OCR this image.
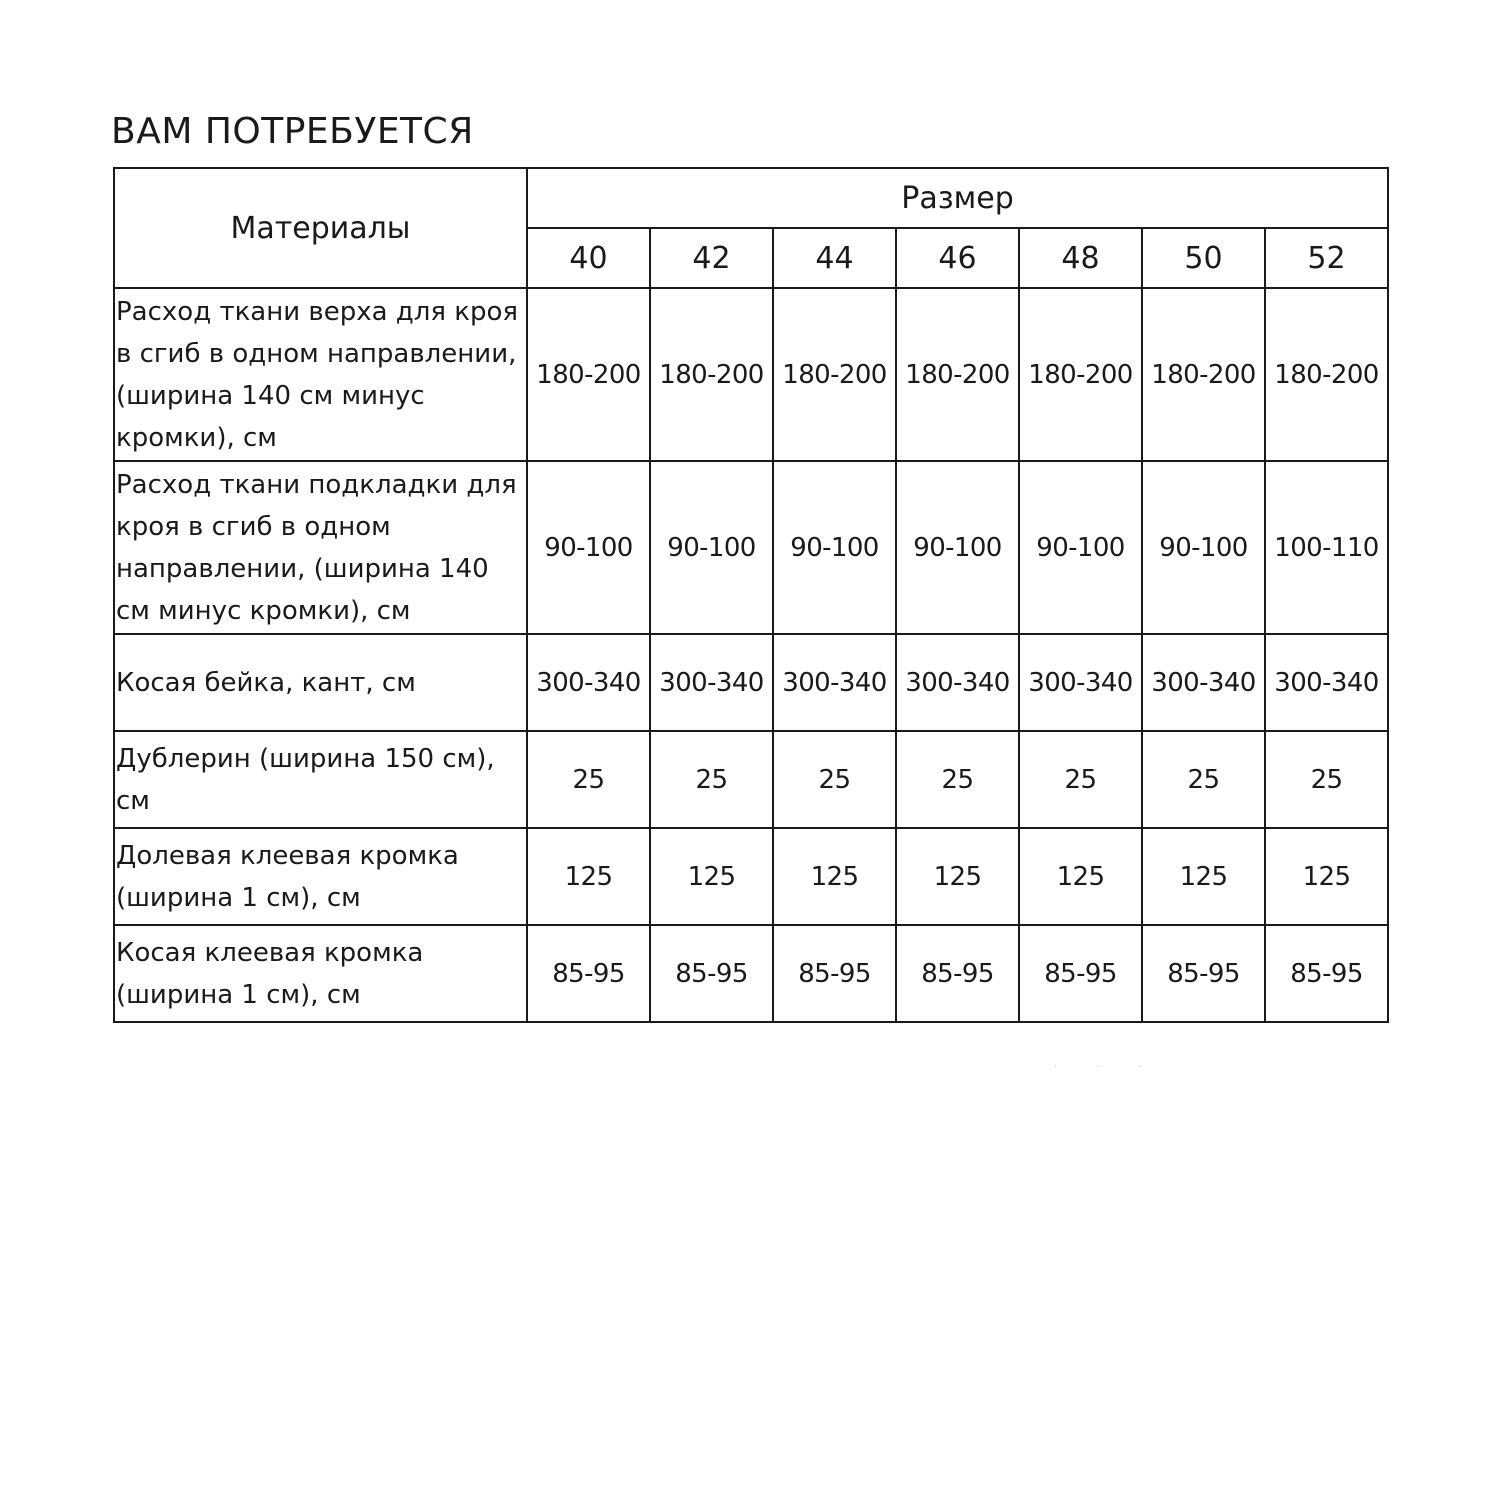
ВАМ ПОТРЕБУЕТСЯ
Материалы	Размер						
	40	42	44	46	48	50	52
Расход ткани верха для кроя в сгиб в одном направлении, (ширина 140 см минус кромки), см	180-200	180-200	180-200	180-200	180-200	180-200	180-200
Расход ткани подкладки для кроя в сгиб в одном направлении, (ширина 140 см минус кромки), см	90-100	90-100	90-100	90-100	90-100	90-100	100-110
Косая бейка, кант, см	300-340	300-340	300-340	300-340	300-340	300-340	300-340
Дублерин (ширина 150 см), см	25	25	25	25	25	25	25
Долевая клеевая кромка (ширина 1 см), см	125	125	125	125	125	125	125
Косая клеевая кромка (ширина 1 см), см	85-95	85-95	85-95	85-95	85-95	85-95	85-95
· · ·
